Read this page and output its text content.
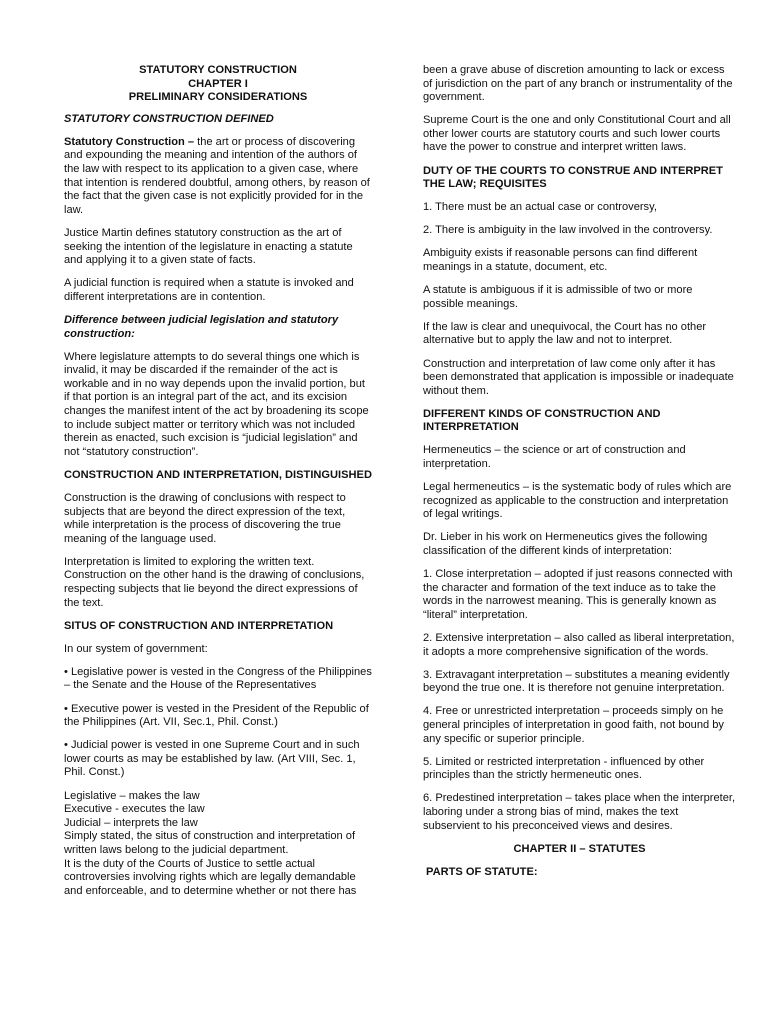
STATUTORY CONSTRUCTION

CHAPTER I

PRELIMINARY CONSIDERATIONS

STATUTORY CONSTRUCTION DEFINED

Statutory Construction – the art or process of discovering and expounding the meaning and intention of the authors of the law with respect to its application to a given case, where that intention is rendered doubtful, among others, by reason of the fact that the given case is not explicitly provided for in the law.

Justice Martin defines statutory construction as the art of seeking the intention of the legislature in enacting a statute and applying it to a given state of facts.

A judicial function is required when a statute is invoked and different interpretations are in contention.

Difference between judicial legislation and statutory construction:

Where legislature attempts to do several things one which is invalid, it may be discarded if the remainder of the act is workable and in no way depends upon the invalid portion, but if that portion is an integral part of the act, and its excision changes the manifest intent of the act by broadening its scope to include subject matter or territory which was not included therein as enacted, such excision is “judicial legislation” and not “statutory construction”.

CONSTRUCTION AND INTERPRETATION, DISTINGUISHED

Construction is the drawing of conclusions with respect to subjects that are beyond the direct expression of the text, while interpretation is the process of discovering the true meaning of the language used.

Interpretation is limited to exploring the written text. Construction on the other hand is the drawing of conclusions, respecting subjects that lie beyond the direct expressions of the text.

SITUS OF CONSTRUCTION AND INTERPRETATION

In our system of government:

• Legislative power is vested in the Congress of the Philippines – the Senate and the House of the Representatives

• Executive power is vested in the President of the Republic of the Philippines (Art. VII, Sec.1, Phil. Const.)

• Judicial power is vested in one Supreme Court and in such lower courts as may be established by law. (Art VIII, Sec. 1, Phil. Const.)

Legislative – makes the law

Executive - executes the law

Judicial – interprets the law

Simply stated, the situs of construction and interpretation of written laws belong to the judicial department.

It is the duty of the Courts of Justice to settle actual controversies involving rights which are legally demandable and enforceable, and to determine whether or not there has

been a grave abuse of discretion amounting to lack or excess of jurisdiction on the part of any branch or instrumentality of the government.

Supreme Court is the one and only Constitutional Court and all other lower courts are statutory courts and such lower courts have the power to construe and interpret written laws.

DUTY OF THE COURTS TO CONSTRUE AND INTERPRET THE LAW; REQUISITES

1. There must be an actual case or controversy,

2. There is ambiguity in the law involved in the controversy.

Ambiguity exists if reasonable persons can find different meanings in a statute, document, etc.

A statute is ambiguous if it is admissible of two or more possible meanings.

If the law is clear and unequivocal, the Court has no other alternative but to apply the law and not to interpret.

Construction and interpretation of law come only after it has been demonstrated that application is impossible or inadequate without them.

DIFFERENT KINDS OF CONSTRUCTION AND INTERPRETATION

Hermeneutics – the science or art of construction and interpretation.

Legal hermeneutics – is the systematic body of rules which are recognized as applicable to the construction and interpretation of legal writings.

Dr. Lieber in his work on Hermeneutics gives the following classification of the different kinds of interpretation:

1. Close interpretation – adopted if just reasons connected with the character and formation of the text induce as to take the words in the narrowest meaning. This is generally known as “literal” interpretation.

2. Extensive interpretation – also called as liberal interpretation, it adopts a more comprehensive signification of the words.

3. Extravagant interpretation – substitutes a meaning evidently beyond the true one. It is therefore not genuine interpretation.

4. Free or unrestricted interpretation – proceeds simply on he general principles of interpretation in good faith, not bound by any specific or superior principle.

5. Limited or restricted interpretation - influenced by other principles than the strictly hermeneutic ones.

6. Predestined interpretation – takes place when the interpreter, laboring under a strong bias of mind, makes the text subservient to his preconceived views and desires.

CHAPTER II – STATUTES

PARTS OF STATUTE:
